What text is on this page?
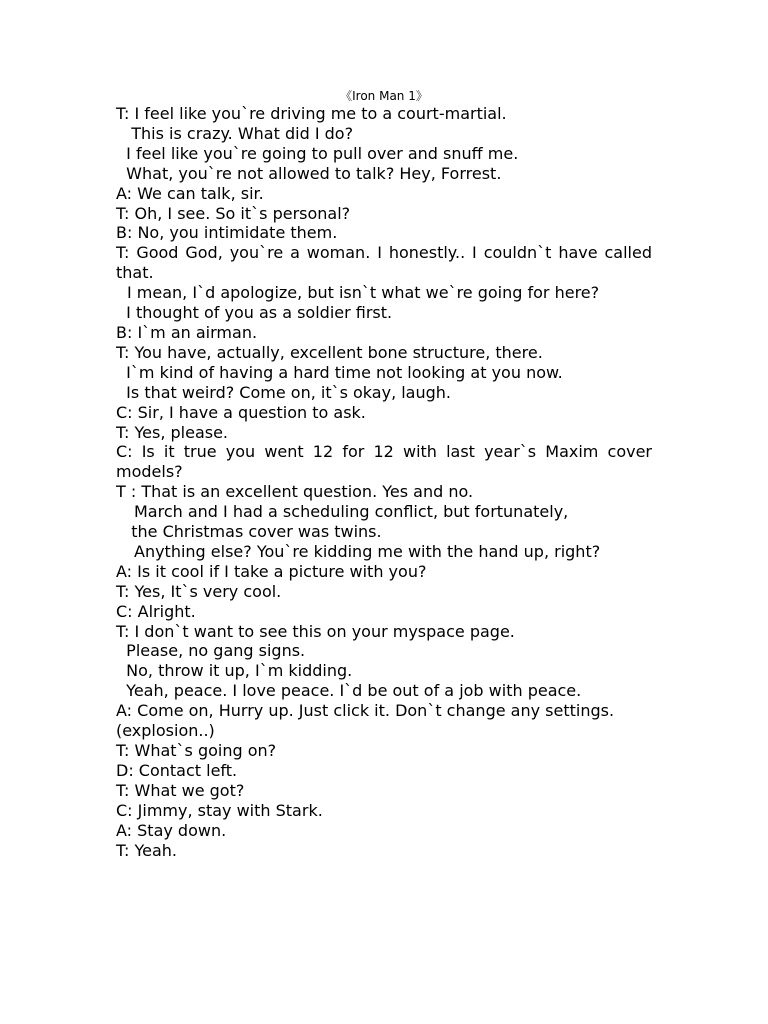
《Iron Man 1》
T: I feel like you`re driving me to a court-martial.
This is crazy. What did I do?
I feel like you`re going to pull over and snuff me.
What, you`re not allowed to talk? Hey, Forrest.
A: We can talk, sir.
T: Oh, I see. So it`s personal?
B: No, you intimidate them.
T: Good God, you`re a woman. I honestly.. I couldn`t have called that.
I mean, I`d apologize, but isn`t what we`re going for here?
I thought of you as a soldier first.
B: I`m an airman.
T: You have, actually, excellent bone structure, there.
I`m kind of having a hard time not looking at you now.
Is that weird? Come on, it`s okay, laugh.
C: Sir, I have a question to ask.
T: Yes, please.
C: Is it true you went 12 for 12 with last year`s Maxim cover models?
T : That is an excellent question. Yes and no.
March and I had a scheduling conflict, but fortunately,
the Christmas cover was twins.
Anything else? You`re kidding me with the hand up, right?
A: Is it cool if I take a picture with you?
T: Yes, It`s very cool.
C: Alright.
T: I don`t want to see this on your myspace page.
Please, no gang signs.
No, throw it up, I`m kidding.
Yeah, peace. I love peace. I`d be out of a job with peace.
A: Come on, Hurry up. Just click it. Don`t change any settings.
(explosion..)
T: What`s going on?
D: Contact left.
T: What we got?
C: Jimmy, stay with Stark.
A: Stay down.
T: Yeah.
